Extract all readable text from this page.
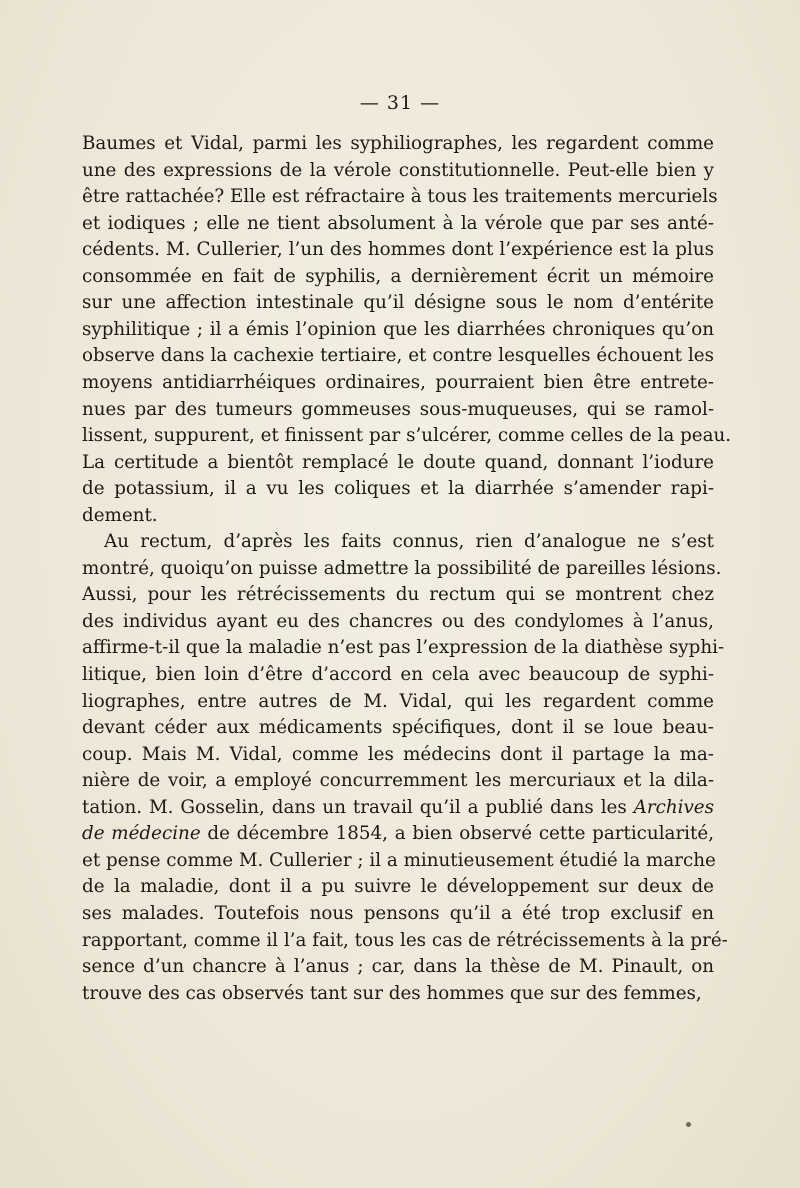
— 31 —
Baumes et Vidal, parmi les syphiliographes, les regardent comme
une des expressions de la vérole constitutionnelle. Peut-elle bien y
être rattachée? Elle est réfractaire à tous les traitements mercuriels
et iodiques ; elle ne tient absolument à la vérole que par ses anté-
cédents. M. Cullerier, l’un des hommes dont l’expérience est la plus
consommée en fait de syphilis, a dernièrement écrit un mémoire
sur une affection intestinale qu’il désigne sous le nom d’entérite
syphilitique ; il a émis l’opinion que les diarrhées chroniques qu’on
observe dans la cachexie tertiaire, et contre lesquelles échouent les
moyens antidiarrhéiques ordinaires, pourraient bien être entrete-
nues par des tumeurs gommeuses sous-muqueuses, qui se ramol-
lissent, suppurent, et finissent par s’ulcérer, comme celles de la peau.
La certitude a bientôt remplacé le doute quand, donnant l’iodure
de potassium, il a vu les coliques et la diarrhée s’amender rapi-
dement.
Au rectum, d’après les faits connus, rien d’analogue ne s’est
montré, quoiqu’on puisse admettre la possibilité de pareilles lésions.
Aussi, pour les rétrécissements du rectum qui se montrent chez
des individus ayant eu des chancres ou des condylomes à l’anus,
affirme-t-il que la maladie n’est pas l’expression de la diathèse syphi-
litique, bien loin d’être d’accord en cela avec beaucoup de syphi-
liographes, entre autres de M. Vidal, qui les regardent comme
devant céder aux médicaments spécifiques, dont il se loue beau-
coup. Mais M. Vidal, comme les médecins dont il partage la ma-
nière de voir, a employé concurremment les mercuriaux et la dila-
tation. M. Gosselin, dans un travail qu’il a publié dans les Archives
de médecine de décembre 1854, a bien observé cette particularité,
et pense comme M. Cullerier ; il a minutieusement étudié la marche
de la maladie, dont il a pu suivre le développement sur deux de
ses malades. Toutefois nous pensons qu’il a été trop exclusif en
rapportant, comme il l’a fait, tous les cas de rétrécissements à la pré-
sence d’un chancre à l’anus ; car, dans la thèse de M. Pinault, on
trouve des cas observés tant sur des hommes que sur des femmes,
